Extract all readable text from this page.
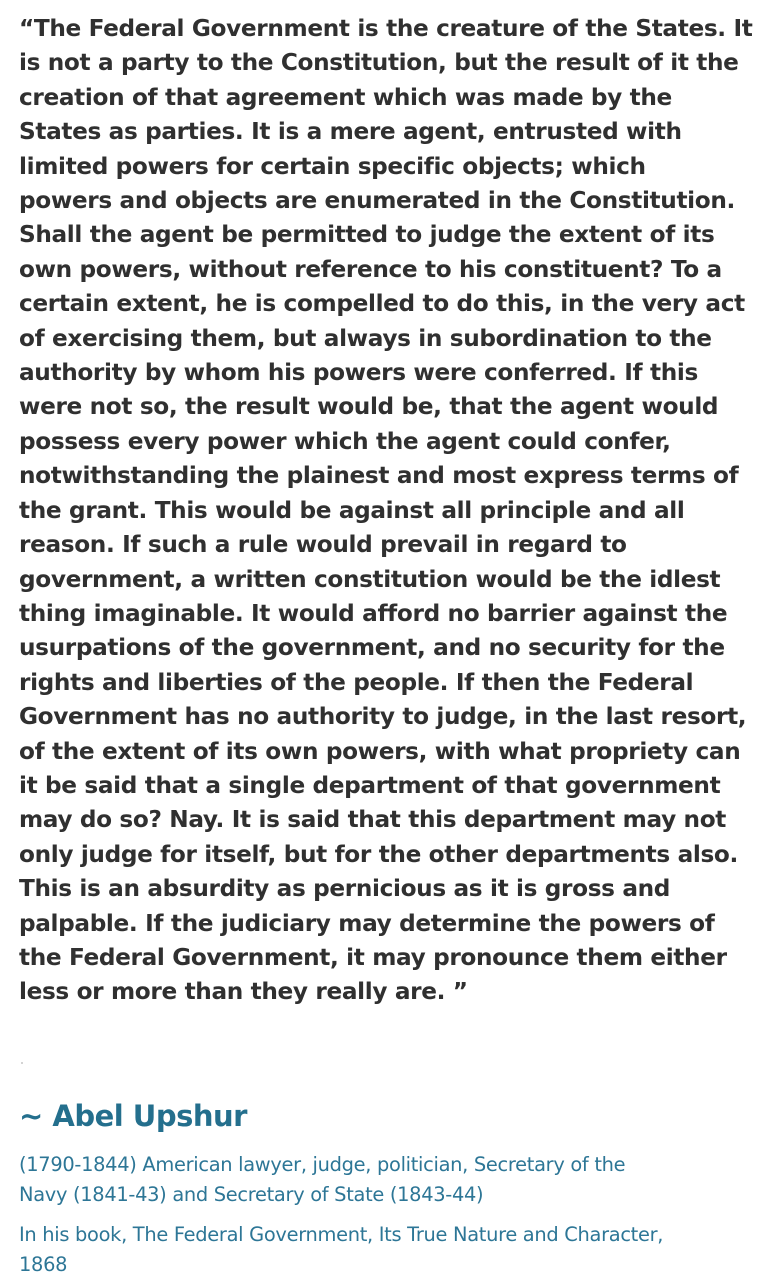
“The Federal Government is the creature of the States. It
is not a party to the Constitution, but the result of it the
creation of that agreement which was made by the
States as parties. It is a mere agent, entrusted with
limited powers for certain specific objects; which
powers and objects are enumerated in the Constitution.
Shall the agent be permitted to judge the extent of its
own powers, without reference to his constituent? To a
certain extent, he is compelled to do this, in the very act
of exercising them, but always in subordination to the
authority by whom his powers were conferred. If this
were not so, the result would be, that the agent would
possess every power which the agent could confer,
notwithstanding the plainest and most express terms of
the grant. This would be against all principle and all
reason. If such a rule would prevail in regard to
government, a written constitution would be the idlest
thing imaginable. It would afford no barrier against the
usurpations of the government, and no security for the
rights and liberties of the people. If then the Federal
Government has no authority to judge, in the last resort,
of the extent of its own powers, with what propriety can
it be said that a single department of that government
may do so? Nay. It is said that this department may not
only judge for itself, but for the other departments also.
This is an absurdity as pernicious as it is gross and
palpable. If the judiciary may determine the powers of
the Federal Government, it may pronounce them either
less or more than they really are. ”

~ Abel Upshur

(1790-1844) American lawyer, judge, politician, Secretary of the
Navy (1841-43) and Secretary of State (1843-44)

In his book, The Federal Government, Its True Nature and Character,
1868
